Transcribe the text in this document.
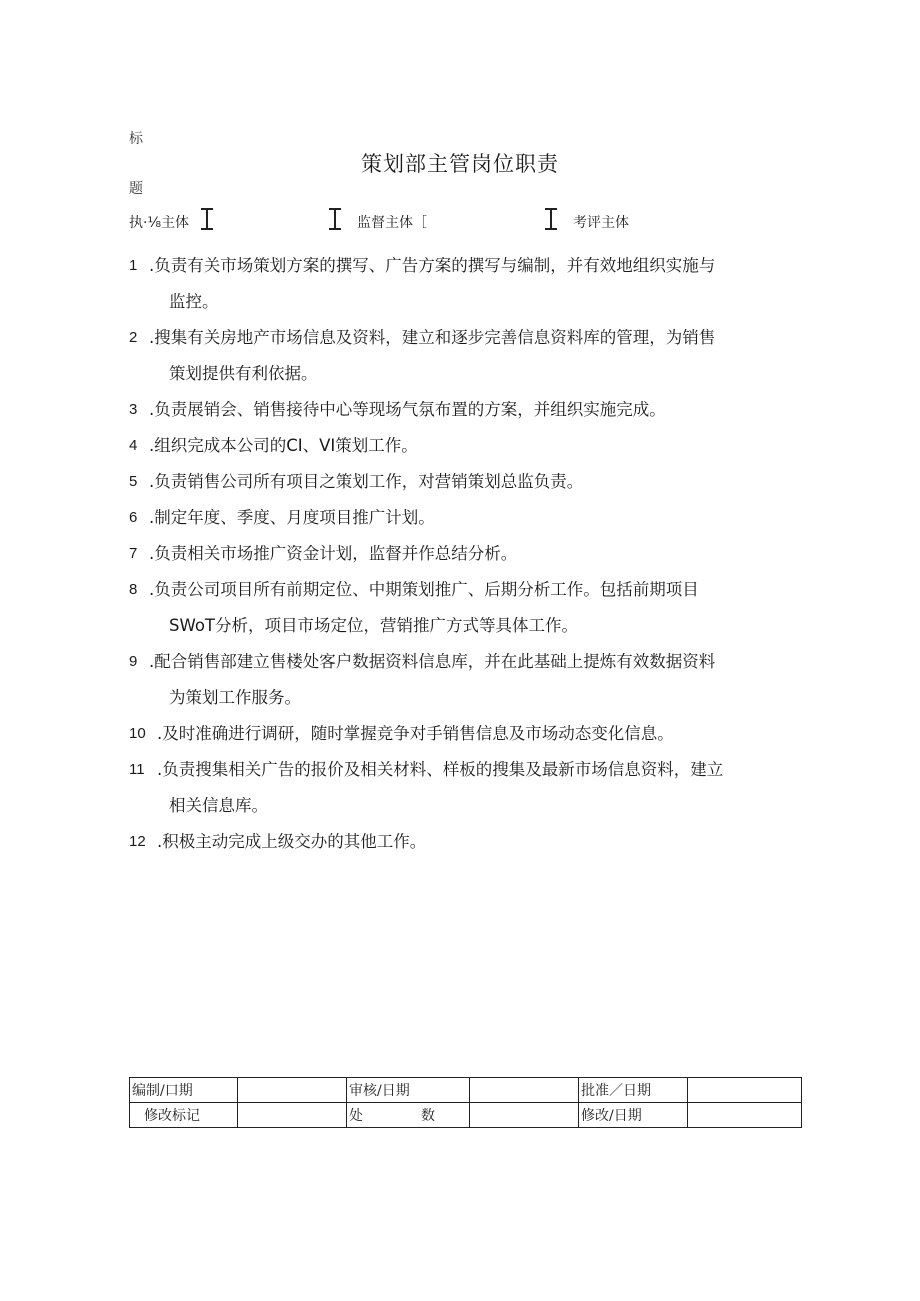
标
策划部主管岗位职责
题
执·⅛主体	监督主体［	考评主体
1 .负责有关市场策划方案的撰写、广告方案的撰写与编制，并有效地组织实施与
监控。
2 .搜集有关房地产市场信息及资料，建立和逐步完善信息资料库的管理，为销售
策划提供有利依据。
3 .负责展销会、销售接待中心等现场气氛布置的方案，并组织实施完成。
4 .组织完成本公司的CI、VI策划工作。
5 .负责销售公司所有项目之策划工作，对营销策划总监负责。
6 .制定年度、季度、月度项目推广计划。
7 .负责相关市场推广资金计划，监督并作总结分析。
8 .负责公司项目所有前期定位、中期策划推广、后期分析工作。包括前期项目
SWoT分析，项目市场定位，营销推广方式等具体工作。
9 .配合销售部建立售楼处客户数据资料信息库，并在此基础上提炼有效数据资料
为策划工作服务。
10 .及时准确进行调研，随时掌握竞争对手销售信息及市场动态变化信息。
11 .负责搜集相关广告的报价及相关材料、样板的搜集及最新市场信息资料，建立
相关信息库。
12 .积极主动完成上级交办的其他工作。
编制/口期		审核/日期		批准／日期	
修改标记		处 数		修改/日期	
